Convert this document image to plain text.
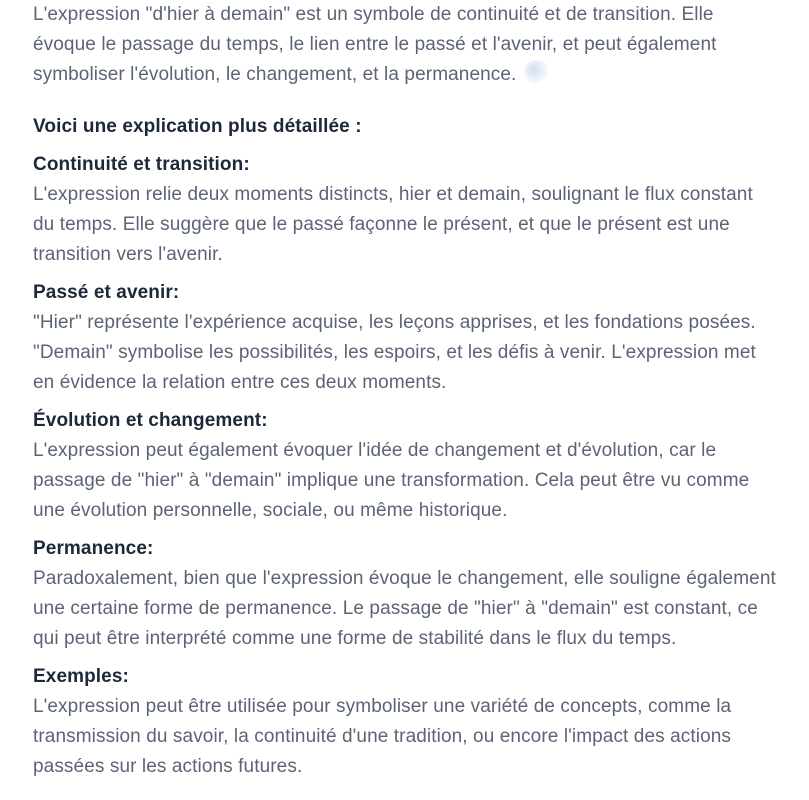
L'expression "d'hier à demain" est un symbole de continuité et de transition. Elle évoque le passage du temps, le lien entre le passé et l'avenir, et peut également symboliser l'évolution, le changement, et la permanence.

Voici une explication plus détaillée :
Continuité et transition:

L'expression relie deux moments distincts, hier et demain, soulignant le flux constant du temps. Elle suggère que le passé façonne le présent, et que le présent est une transition vers l'avenir.

Passé et avenir:

"Hier" représente l'expérience acquise, les leçons apprises, et les fondations posées. "Demain" symbolise les possibilités, les espoirs, et les défis à venir. L'expression met en évidence la relation entre ces deux moments.

Évolution et changement:

L'expression peut également évoquer l'idée de changement et d'évolution, car le passage de "hier" à "demain" implique une transformation. Cela peut être vu comme une évolution personnelle, sociale, ou même historique.

Permanence:

Paradoxalement, bien que l'expression évoque le changement, elle souligne également une certaine forme de permanence. Le passage de "hier" à "demain" est constant, ce qui peut être interprété comme une forme de stabilité dans le flux du temps.

Exemples:

L'expression peut être utilisée pour symboliser une variété de concepts, comme la transmission du savoir, la continuité d'une tradition, ou encore l'impact des actions passées sur les actions futures.
